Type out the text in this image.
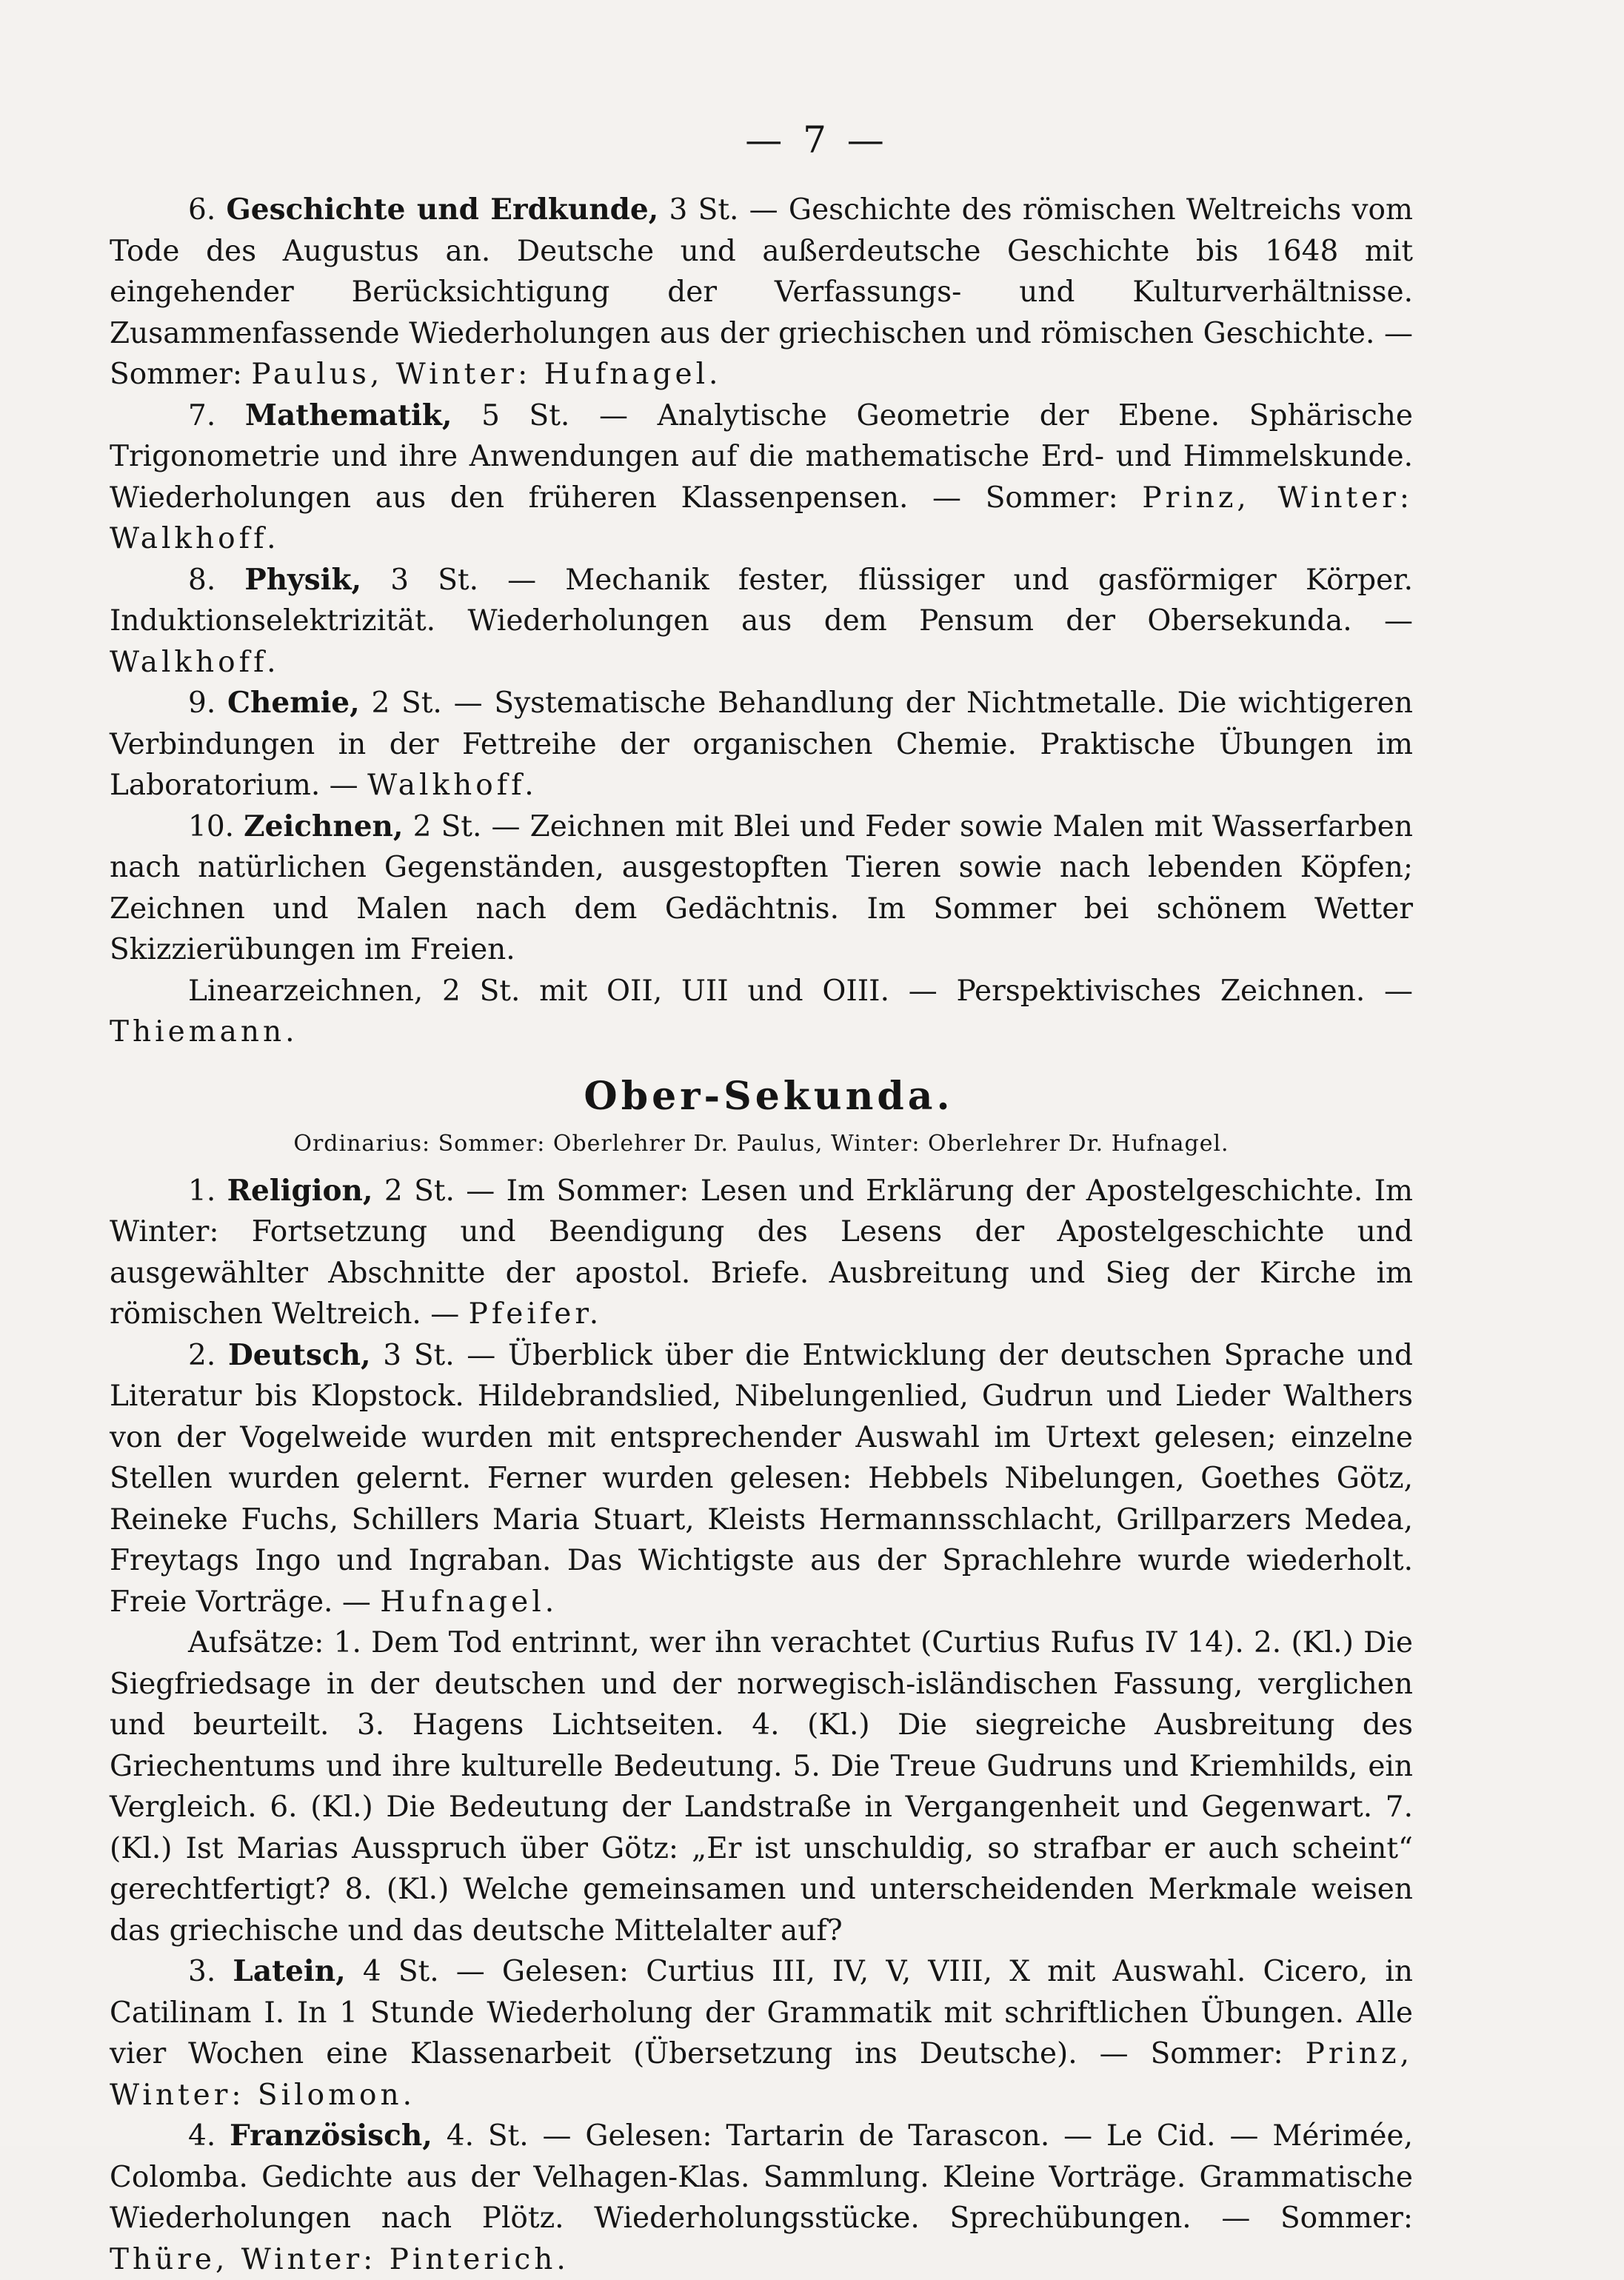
— 7 —

6. Geschichte und Erdkunde, 3 St. — Geschichte des römischen Weltreichs vom Tode des Augustus an. Deutsche und außerdeutsche Geschichte bis 1648 mit eingehender Berücksichtigung der Verfassungs- und Kulturverhältnisse. Zusammenfassende Wiederholungen aus der griechischen und römischen Geschichte. — Sommer: Paulus, Winter: Hufnagel.

7. Mathematik, 5 St. — Analytische Geometrie der Ebene. Sphärische Trigonometrie und ihre Anwendungen auf die mathematische Erd- und Himmelskunde. Wiederholungen aus den früheren Klassenpensen. — Sommer: Prinz, Winter: Walkhoff.

8. Physik, 3 St. — Mechanik fester, flüssiger und gasförmiger Körper. Induktionselektrizität. Wiederholungen aus dem Pensum der Obersekunda. — Walkhoff.

9. Chemie, 2 St. — Systematische Behandlung der Nichtmetalle. Die wichtigeren Verbindungen in der Fettreihe der organischen Chemie. Praktische Übungen im Laboratorium. — Walkhoff.

10. Zeichnen, 2 St. — Zeichnen mit Blei und Feder sowie Malen mit Wasserfarben nach natürlichen Gegenständen, ausgestopften Tieren sowie nach lebenden Köpfen; Zeichnen und Malen nach dem Gedächtnis. Im Sommer bei schönem Wetter Skizzierübungen im Freien.

Linearzeichnen, 2 St. mit OII, UII und OIII. — Perspektivisches Zeichnen. — Thiemann.

Ober-Sekunda.
Ordinarius: Sommer: Oberlehrer Dr. Paulus, Winter: Oberlehrer Dr. Hufnagel.

1. Religion, 2 St. — Im Sommer: Lesen und Erklärung der Apostelgeschichte. Im Winter: Fortsetzung und Beendigung des Lesens der Apostelgeschichte und ausgewählter Abschnitte der apostol. Briefe. Ausbreitung und Sieg der Kirche im römischen Weltreich. — Pfeifer.

2. Deutsch, 3 St. — Überblick über die Entwicklung der deutschen Sprache und Literatur bis Klopstock. Hildebrandslied, Nibelungenlied, Gudrun und Lieder Walthers von der Vogelweide wurden mit entsprechender Auswahl im Urtext gelesen; einzelne Stellen wurden gelernt. Ferner wurden gelesen: Hebbels Nibelungen, Goethes Götz, Reineke Fuchs, Schillers Maria Stuart, Kleists Hermannsschlacht, Grillparzers Medea, Freytags Ingo und Ingraban. Das Wichtigste aus der Sprachlehre wurde wiederholt. Freie Vorträge. — Hufnagel.

Aufsätze: 1. Dem Tod entrinnt, wer ihn verachtet (Curtius Rufus IV 14). 2. (Kl.) Die Siegfriedsage in der deutschen und der norwegisch-isländischen Fassung, verglichen und beurteilt. 3. Hagens Lichtseiten. 4. (Kl.) Die siegreiche Ausbreitung des Griechentums und ihre kulturelle Bedeutung. 5. Die Treue Gudruns und Kriemhilds, ein Vergleich. 6. (Kl.) Die Bedeutung der Landstraße in Vergangenheit und Gegenwart. 7. (Kl.) Ist Marias Ausspruch über Götz: „Er ist unschuldig, so strafbar er auch scheint“ gerechtfertigt? 8. (Kl.) Welche gemeinsamen und unterscheidenden Merkmale weisen das griechische und das deutsche Mittelalter auf?

3. Latein, 4 St. — Gelesen: Curtius III, IV, V, VIII, X mit Auswahl. Cicero, in Catilinam I. In 1 Stunde Wiederholung der Grammatik mit schriftlichen Übungen. Alle vier Wochen eine Klassenarbeit (Übersetzung ins Deutsche). — Sommer: Prinz, Winter: Silomon.

4. Französisch, 4. St. — Gelesen: Tartarin de Tarascon. — Le Cid. — Mérimée, Colomba. Gedichte aus der Velhagen-Klas. Sammlung. Kleine Vorträge. Grammatische Wiederholungen nach Plötz. Wiederholungsstücke. Sprechübungen. — Sommer: Thüre, Winter: Pinterich.
